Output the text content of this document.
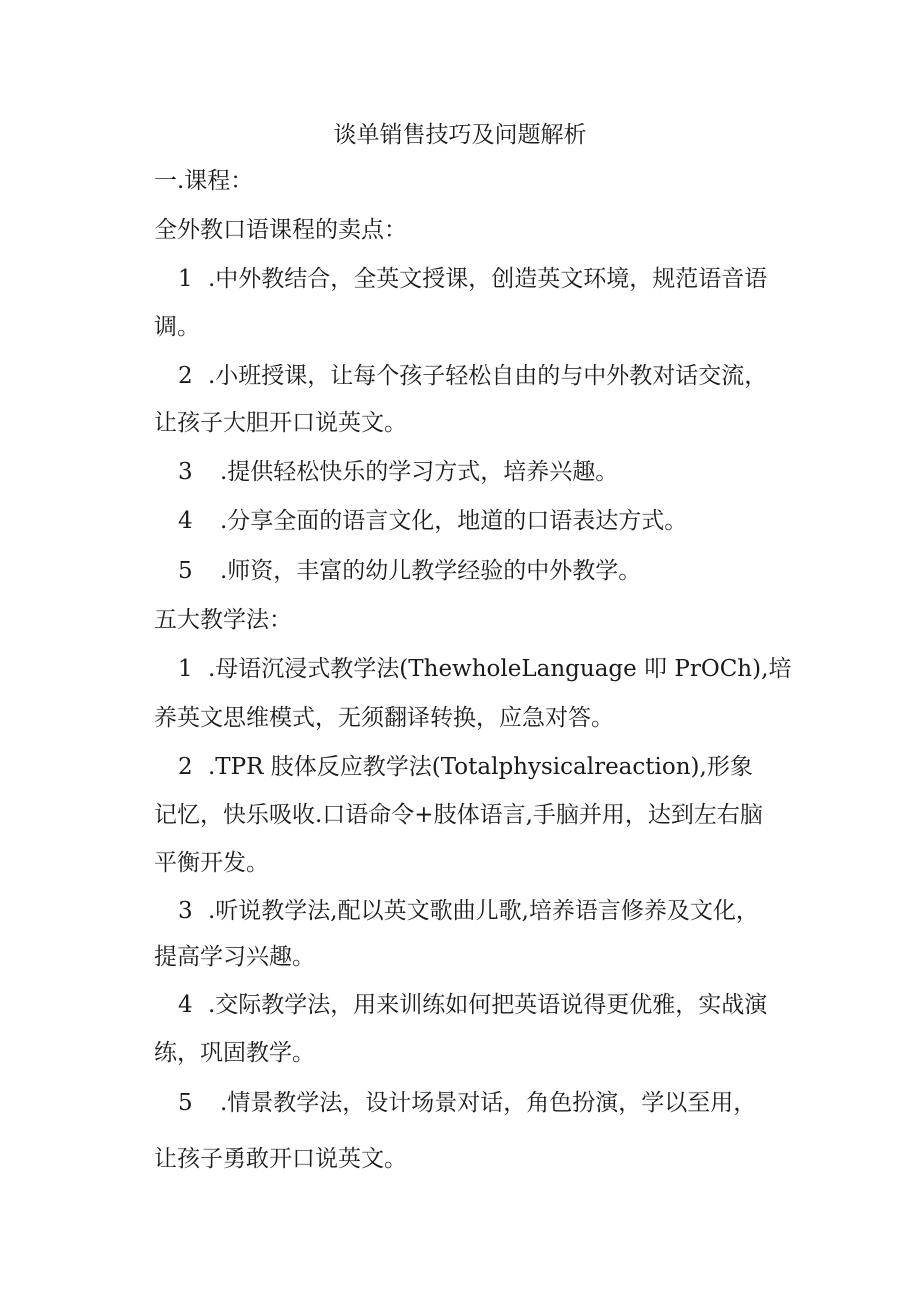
谈单销售技巧及问题解析
一.课程：
全外教口语课程的卖点：
1 .中外教结合，全英文授课，创造英文环境，规范语音语
调。
2 .小班授课，让每个孩子轻松自由的与中外教对话交流，
让孩子大胆开口说英文。
3 .提供轻松快乐的学习方式，培养兴趣。
4 .分享全面的语言文化，地道的口语表达方式。
5 .师资，丰富的幼儿教学经验的中外教学。
五大教学法：
1 .母语沉浸式教学法(ThewholeLanguage 叩 PrOCh),培
养英文思维模式，无须翻译转换，应急对答。
2 .TPR 肢体反应教学法(Totalphysicalreaction),形象
记忆，快乐吸收.口语命令+肢体语言,手脑并用，达到左右脑
平衡开发。
3 .听说教学法,配以英文歌曲儿歌,培养语言修养及文化，
提高学习兴趣。
4 .交际教学法，用来训练如何把英语说得更优雅，实战演
练，巩固教学。
5 .情景教学法，设计场景对话，角色扮演，学以至用，
让孩子勇敢开口说英文。
